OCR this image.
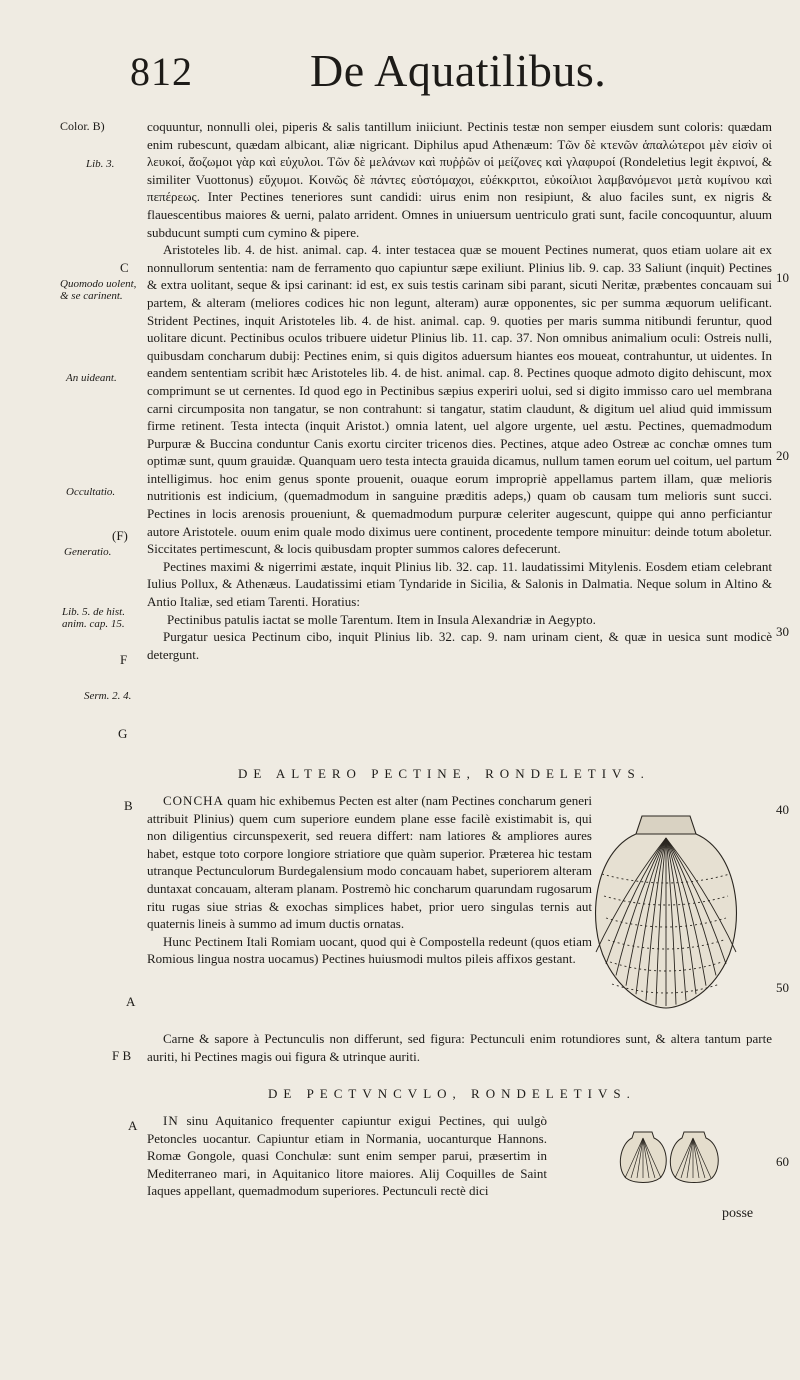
812	De Aquatilibus.
Color. B)
Lib. 3.
Quomodo uolent, & se carinent.
An uideant.
Occultatio.
Generatio.
Lib. 5. de hist. anim. cap. 15.
Serm. 2. 4.
C
(F)
F
G
B
A
F B
A
10
20
30
40
50
60

coquuntur, nonnulli olei, piperis & salis tantillum iniiciunt. Pectinis testæ non semper eiusdem sunt coloris: quædam enim rubescunt, quædam albicant, aliæ nigricant. Diphilus apud Athenæum: Τῶν δὲ κτενῶν ἁπαλώτεροι μὲν εἰσὶν οἱ λευκοί, ἄοζωμοι γὰρ καὶ εὐχυλοι. Τῶν δὲ μελάνων καὶ πυῤῥῶν οἱ μείζονες καὶ γλαφυροί (Rondeletius legit ἐκρινοί, & similiter Vuottonus) εὔχυμοι. Κοινῶς δὲ πάντες εὐστόμαχοι, εὐέκκριτοι, εὐκοίλιοι λαμβανόμενοι μετὰ κυμίνου καὶ πεπέρεως. Inter Pectines teneriores sunt candidi: uirus enim non resipiunt, & aluo faciles sunt, ex nigris & flauescentibus maiores & uerni, palato arrident. Omnes in uniuersum uentriculo grati sunt, facile concoquuntur, aluum subducunt sumpti cum cymino & pipere.

Aristoteles lib. 4. de hist. animal. cap. 4. inter testacea quæ se mouent Pectines numerat, quos etiam uolare ait ex nonnullorum sententia: nam de ferramento quo capiuntur sæpe exiliunt. Plinius lib. 9. cap. 33 Saliunt (inquit) Pectines & extra uolitant, seque & ipsi carinant: id est, ex suis testis carinam sibi parant, sicuti Neritæ, præbentes concauam sui partem, & alteram (meliores codices hic non legunt, alteram) auræ opponentes, sic per summa æquorum uelificant. Strident Pectines, inquit Aristoteles lib. 4. de hist. animal. cap. 9. quoties per maris summa nitibundi feruntur, quod uolitare dicunt. Pectinibus oculos tribuere uidetur Plinius lib. 11. cap. 37. Non omnibus animalium oculi: Ostreis nulli, quibusdam concharum dubij: Pectines enim, si quis digitos aduersum hiantes eos moueat, contrahuntur, ut uidentes. In eandem sententiam scribit hæc Aristoteles lib. 4. de hist. animal. cap. 8. Pectines quoque admoto digito dehiscunt, mox comprimunt se ut cernentes. Id quod ego in Pectinibus sæpius experiri uolui, sed si digito immisso caro uel membrana carni circumposita non tangatur, se non contrahunt: si tangatur, statim claudunt, & digitum uel aliud quid immissum firme retinent. Testa intecta (inquit Aristot.) omnia latent, uel algore urgente, uel æstu. Pectines, quemadmodum Purpuræ & Buccina conduntur Canis exortu circiter tricenos dies. Pectines, atque adeo Ostreæ ac conchæ omnes tum optimæ sunt, quum grauidæ. Quanquam uero testa intecta grauida dicamus, nullum tamen eorum uel coitum, uel partum intelligimus. hoc enim genus sponte prouenit, ouaque eorum impropriè appellamus partem illam, quæ melioris nutritionis est indicium, (quemadmodum in sanguine præditis adeps,) quam ob causam tum melioris sunt succi. Pectines in locis arenosis proueniunt, & quemadmodum purpuræ celeriter augescunt, quippe qui anno perficiantur autore Aristotele. ouum enim quale modo diximus uere continent, procedente tempore minuitur: deinde totum aboletur. Siccitates pertimescunt, & locis quibusdam propter summos calores defecerunt.

Pectines maximi & nigerrimi æstate, inquit Plinius lib. 32. cap. 11. laudatissimi Mitylenis. Eosdem etiam celebrant Iulius Pollux, & Athenæus. Laudatissimi etiam Tyndaride in Sicilia, & Salonis in Dalmatia. Neque solum in Altino & Antio Italiæ, sed etiam Tarenti. Horatius:

Pectinibus patulis iactat se molle Tarentum. Item in Insula Alexandriæ in Aegypto.

Purgatur uesica Pectinum cibo, inquit Plinius lib. 32. cap. 9. nam urinam cient, & quæ in uesica sunt modicè detergunt.

DE ALTERO PECTINE, RONDELETIVS.

CONCHA quam hic exhibemus Pecten est alter (nam Pectines concharum generi attribuit Plinius) quem cum superiore eundem plane esse facilè existimabit is, qui non diligentius circunspexerit, sed reuera differt: nam latiores & ampliores aures habet, estque toto corpore longiore striatiore que quàm superior. Præterea hic testam utranque Pectunculorum Burdegalensium modo concauam habet, superiorem alteram duntaxat concauam, alteram planam. Postremò hic concharum quarundam rugosarum ritu rugas siue strias & exochas simplices habet, prior uero singulas ternis aut quaternis lineis à summo ad imum ductis ornatas.

Hunc Pectinem Itali Romiam uocant, quod qui è Compostella redeunt (quos etiam Romious lingua nostra uocamus) Pectines huiusmodi multos pileis affixos gestant.

Carne & sapore à Pectunculis non differunt, sed figura: Pectunculi enim rotundiores sunt, & altera tantum parte auriti, hi Pectines magis oui figura & utrinque auriti.

DE PECTVNCVLO, RONDELETIVS.

IN sinu Aquitanico frequenter capiuntur exigui Pectines, qui uulgò Petoncles uocantur. Capiuntur etiam in Normania, uocanturque Hannons. Romæ Gongole, quasi Conchulæ: sunt enim semper parui, præsertim in Mediterraneo mari, in Aquitanico litore maiores. Alij Coquilles de Saint Iaques appellant, quemadmodum superiores. Pectunculi rectè dici

posse
